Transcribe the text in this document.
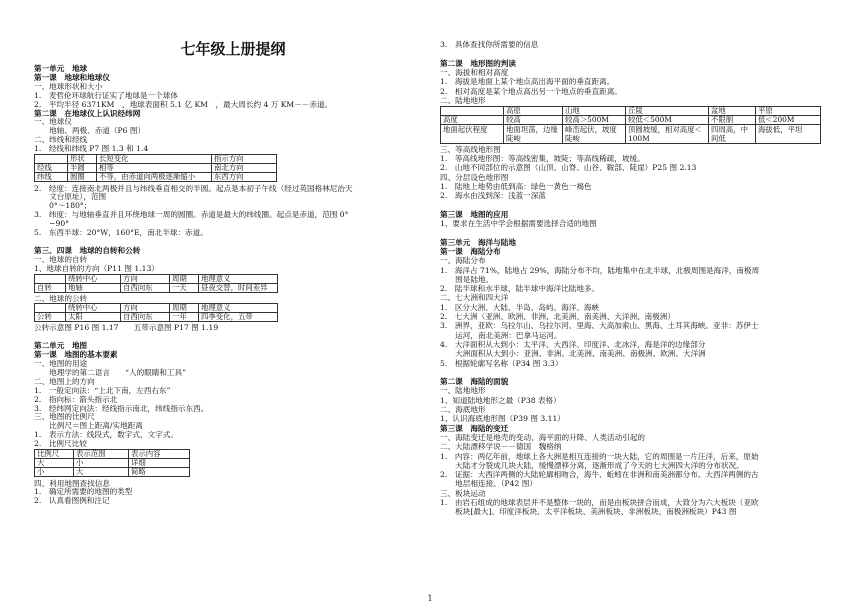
七年级上册提纲
第一单元　地球
第一课　地球和地球仪
一、地球形状和大小
1.　麦哲伦环球航行证实了地球是一个球体
2.　平均半径 6371KM　，地球表面积 5.1 亿 KM　，最大周长约 4 万 KM－－赤道。
第二课　在地球仪上认识经纬网
一、地球仪
　　地轴、两极、赤道（P6 图）
二、纬线和经线
1.　经线和纬线 P7 图 1.3 和 1.4
	形状	长短变化	指示方向
经线	半圆	相等	南北方向
纬线	圆圈	不等，由赤道向两极逐渐缩小	东西方向
2.　经度：连接南北两极并且与纬线垂直相交的半圆。起点是本初子午线（经过英国格林尼治天
　　文台原址），范围
　　0°～180°；
3.　纬度：与地轴垂直并且环绕地球一周的圆圈。赤道是最大的纬线圈。起点是赤道，范围 0°
　　~90°
5.　东西半球：20°W，160°E，南北半球：赤道。
第三、四课　地球的自转和公转
一、地球的自转
1、地球自转的方向（P11 图 1.13）
	绕转中心	方向	周期	地理意义
自转	地轴	自西向东	一天	昼夜交替，时间差异
二、地球的公转
	绕转中心	方向	周期	地理意义
公转	太阳	自西向东	一年	四季变化，五带
公转示意图 P16 图 1.17　　五带示意图 P17 图 1.19
第二单元　地图
第一课　地图的基本要素
一、地图的用途
　　地理学的第二语言　　“人的眼睛和工具”
二、地图上的方向
1.　一般定向法：“上北下南，左西右东”
2.　指向标：箭头指示北
3.　经纬网定向法：经线指示南北，纬线指示东西。
三、地图的比例尺
　　比例尺＝图上距离/实地距离
1.　表示方法：线段式，数字式，文字式。
2.　比例尺比较
比例尺	表示范围	表示内容
大	小	详细
小	大	简略
四、利用地图查找信息
1.　确定所需要的地图的类型
2.　认真看图例和注记
3.　具体查找你所需要的信息
第二课　地形图的判读
一、海拔和相对高度
1.　海拔是地面上某个地点高出海平面的垂直距离。
2.　相对高度是某个地点高出另一个地点的垂直距离。
二、陆地地形
	高原	山地	丘陵	盆地	平原
高度	较高	较高＞500M	较低＜500M	不限制	低＜200M
地面起伏程度	地面坦荡，边缘陡峻	峰峦起伏，坡度陡峻	顶圆坡缓，相对高度＜100M	四周高，中间低	海拔低，平坦
三、等高线地形图
1.　等高线地形图：等高线密集，坡陡；等高线稀疏，坡缓。
2.　山地不同部位的示意图（山顶、山脊、山谷、鞍部、陡崖）P25 图 2.13
四、分层设色地形图
1.　陆地上地势由低到高：绿色一黄色一褐色
2.　海水由浅到深：浅蓝一深蓝
第三课　地图的应用
1、要求在生活中学会根据需要选择合适的地图
第三单元　海洋与陆地
第一课　海陆分布
一、海陆分布
1.　海洋占 71%，陆地占 29%，海陆分布不均，陆地集中在北半球，北极周围是海洋，南极周
　　围是陆地。
2.　陆半球和水半球，陆半球中海洋比陆地多。
二、七大洲和四大洋
1.　区分大洲、大陆、半岛、岛屿、海洋、海峡
2.　七大洲（亚洲、欧洲、非洲、北美洲、南美洲、大洋洲、南极洲）
3.　洲界，亚欧：乌拉尔山、乌拉尔河、里海、大高加索山、黑海、土耳其海峡。亚非：苏伊士
　　运河，南北美洲：巴拿马运河。
4.　大洋面积从大到小：太平洋、大西洋、印度洋、北冰洋，海是洋的边缘部分
　　大洲面积从大到小：亚洲、非洲、北美洲、南美洲、南极洲、欧洲、大洋洲
5.　根据轮廓写名称（P34 图 3.3）
第二课　海陆的面貌
一、陆地地形
1、知道陆地地形之最（P38 表格）
二、海底地形
1、认识海底地形图（P39 图 3.11）
第三课　海陆的变迁
一、海陆变迁是地壳的变动、海平面的升降、人类活动引起的
二、大陆漂移学说－－德国　魏格纳
1.　内容：两亿年前，地球上各大洲是相互连接的一块大陆，它的周围是一片汪洋，后来，原始
　　大陆才分裂成几块大陆，缓慢漂移分离，逐渐形成了今天的七大洲四大洋的分布状况。
2.　证据：大西洋两侧的大陆轮廓相吻合，海牛、蚯蚓在非洲和南美洲都分布。大西洋两侧的古
　　地层相连接。（P42 图）
三、板块运动
1.　由岩石组成的地球表层并不是整体一块的，而是由板块拼合而成，大致分为六大板块（亚欧
　　板块[最大]、印度洋板块、太平洋板块、美洲板块、非洲板块、南极洲板块）P43 图
1
